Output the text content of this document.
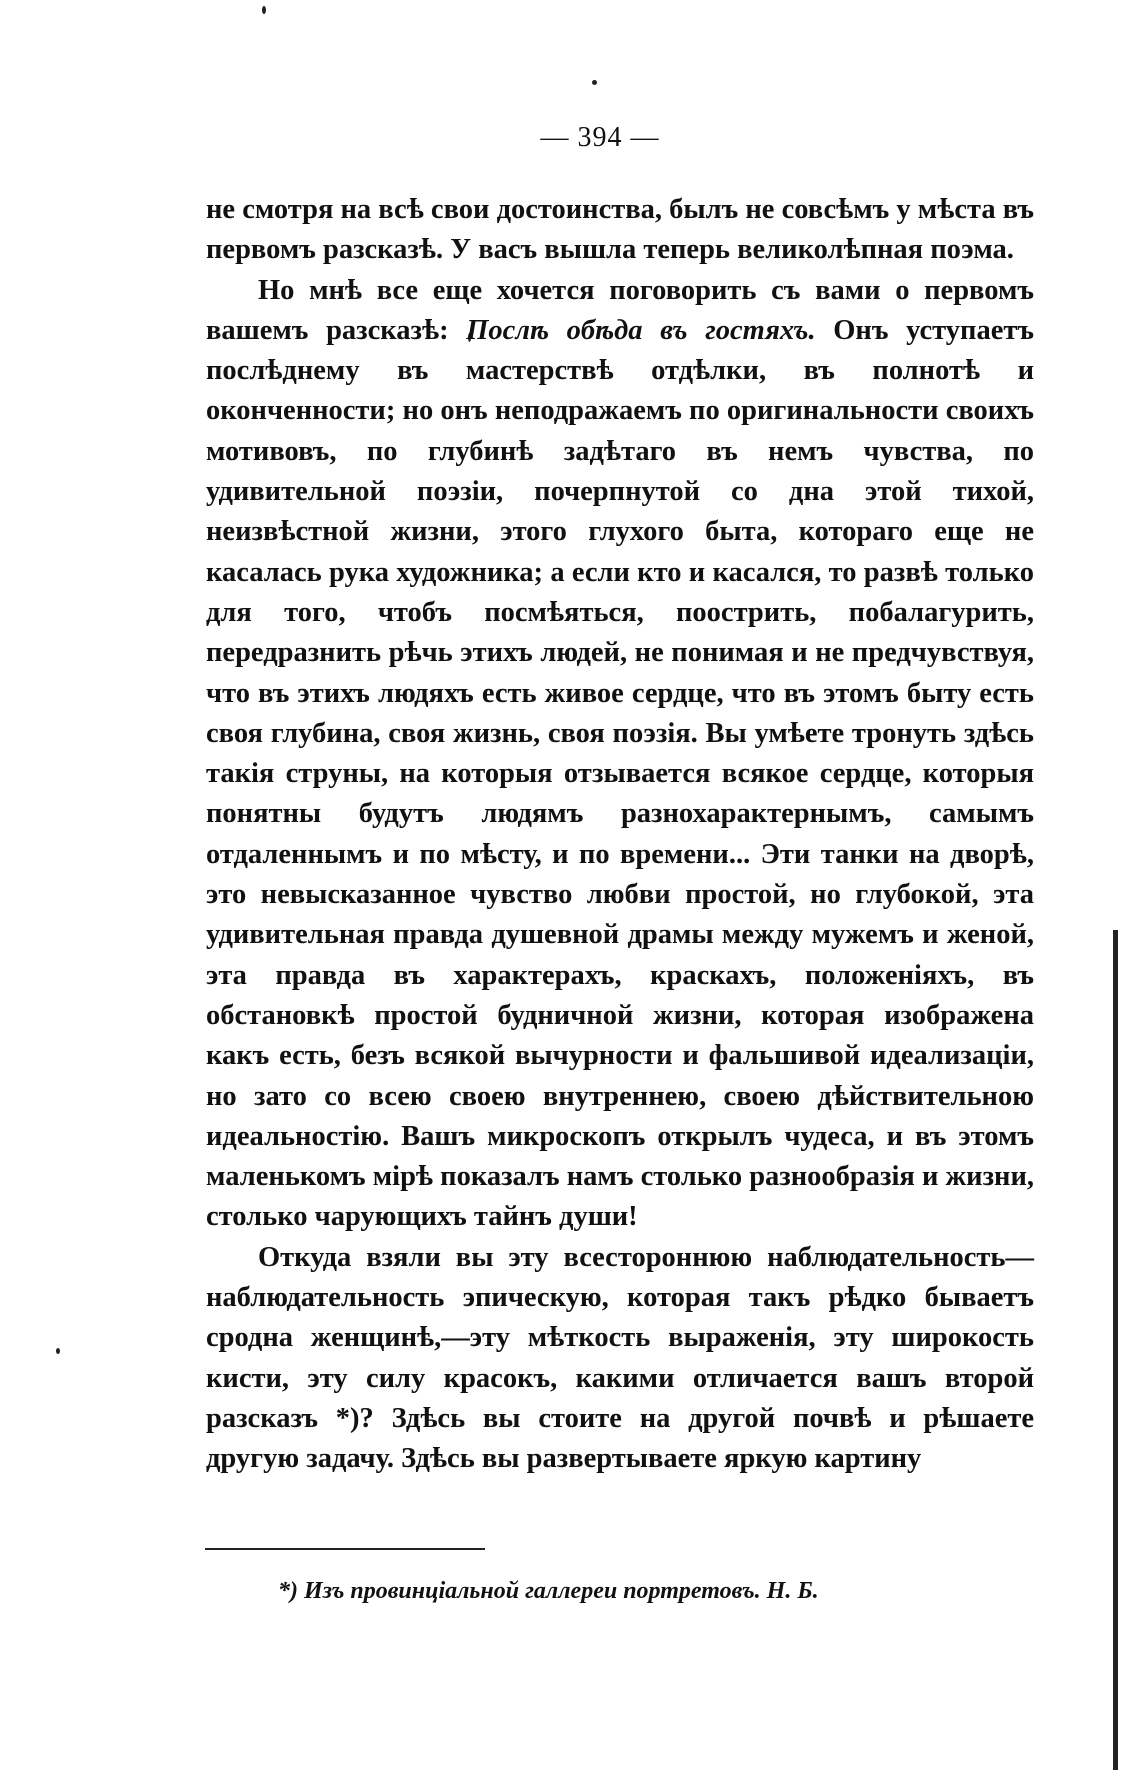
— 394 —

не смотря на всѣ свои достоинства, былъ не совсѣмъ у мѣста въ первомъ разсказѣ. У васъ вышла теперь великолѣпная поэма.

Но мнѣ все еще хочется поговорить съ вами о первомъ вашемъ разсказѣ: Послѣ обѣда въ гостяхъ. Онъ уступаетъ послѣднему въ мастерствѣ отдѣлки, въ полнотѣ и оконченности; но онъ неподражаемъ по оригинальности своихъ мотивовъ, по глубинѣ задѣтаго въ немъ чувства, по удивительной поэзіи, почерпнутой со дна этой тихой, неизвѣстной жизни, этого глухого быта, котораго еще не касалась рука художника; а если кто и касался, то развѣ только для того, чтобъ посмѣяться, поострить, побалагурить, передразнить рѣчь этихъ людей, не понимая и не предчувствуя, что въ этихъ людяхъ есть живое сердце, что въ этомъ быту есть своя глубина, своя жизнь, своя поэзія. Вы умѣете тронуть здѣсь такія струны, на которыя отзывается всякое сердце, которыя понятны будутъ людямъ разнохарактернымъ, самымъ отдаленнымъ и по мѣсту, и по времени... Эти танки на дворѣ, это невысказанное чувство любви простой, но глубокой, эта удивительная правда душевной драмы между мужемъ и женой, эта правда въ характерахъ, краскахъ, положеніяхъ, въ обстановкѣ простой будничной жизни, которая изображена какъ есть, безъ всякой вычурности и фальшивой идеализаціи, но зато со всею своею внутреннею, своею дѣйствительною идеальностію. Вашъ микроскопъ открылъ чудеса, и въ этомъ маленькомъ мірѣ показалъ намъ столько разнообразія и жизни, столько чарующихъ тайнъ души!

Откуда взяли вы эту всестороннюю наблюдательность— наблюдательность эпическую, которая такъ рѣдко бываетъ сродна женщинѣ,—эту мѣткость выраженія, эту широкость кисти, эту силу красокъ, какими отличается вашъ второй разсказъ *)? Здѣсь вы стоите на другой почвѣ и рѣшаете другую задачу. Здѣсь вы развертываете яркую картину

*) Изъ провинціальной галлереи портретовъ. Н. Б.
